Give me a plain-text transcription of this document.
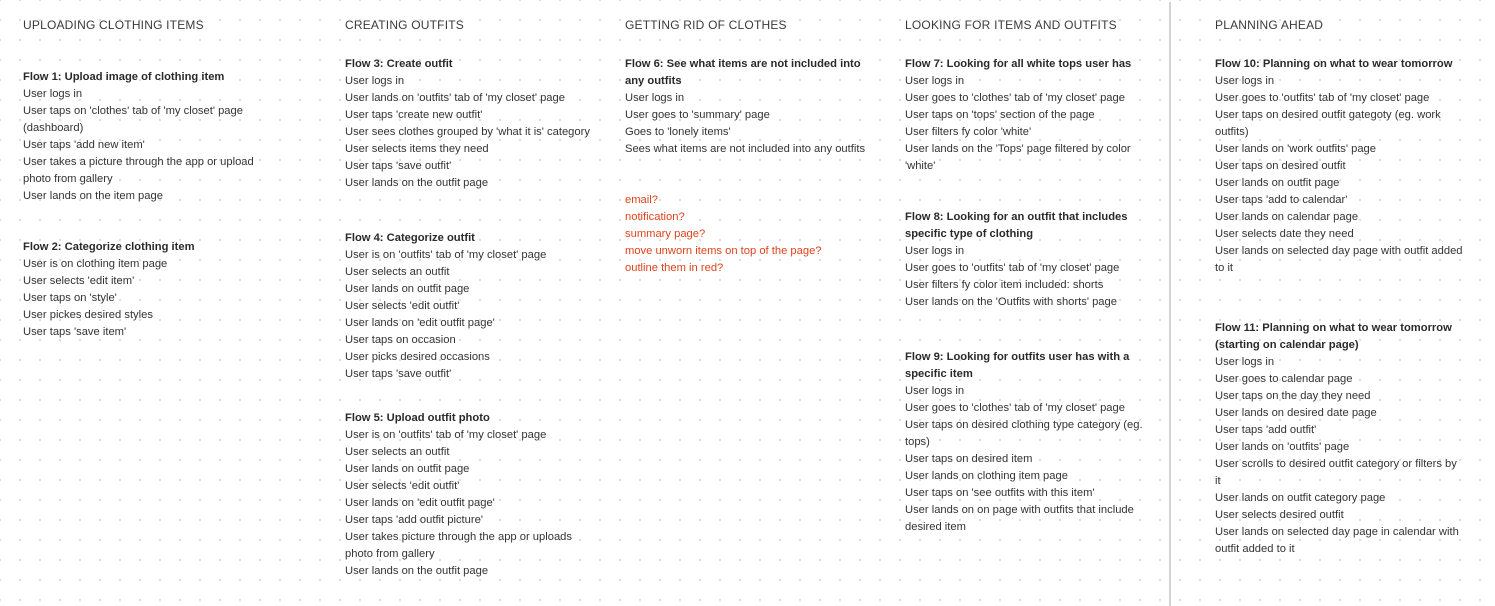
UPLOADING CLOTHING ITEMS
Flow 1: Upload image of clothing item
User logs in
User taps on 'clothes' tab of 'my closet' page (dashboard)
User taps 'add new item'
User takes a picture through the app or upload photo from gallery
User lands on the item page
Flow 2: Categorize clothing item
User is on clothing item page
User selects 'edit item'
User taps on 'style'
User pickes desired styles
User taps 'save item'
CREATING OUTFITS
Flow 3: Create outfit
User logs in
User lands on 'outfits' tab of 'my closet' page
User taps 'create new outfit'
User sees clothes grouped by 'what it is' category
User selects items they need
User taps 'save outfit'
User lands on the outfit page
Flow 4: Categorize outfit
User is on 'outfits' tab of 'my closet' page
User selects an outfit
User lands on outfit page
User selects 'edit outfit'
User lands on 'edit outfit page'
User taps on occasion
User picks desired occasions
User taps 'save outfit'
Flow 5: Upload outfit photo
User is on 'outfits' tab of 'my closet' page
User selects an outfit
User lands on outfit page
User selects 'edit outfit'
User lands on 'edit outfit page'
User taps 'add outfit picture'
User takes picture through the app or uploads photo from gallery
User lands on the outfit page
GETTING RID OF CLOTHES
Flow 6: See what items are not included into any outfits
User logs in
User goes to 'summary' page
Goes to 'lonely items'
Sees what items are not included into any outfits
email?
notification?
summary page?
move unworn items on top of the page?
outline them in red?
LOOKING FOR ITEMS AND OUTFITS
Flow 7: Looking for all white tops user has
User logs in
User goes to 'clothes' tab of 'my closet' page
User taps on 'tops' section of the page
User filters fy color 'white'
User lands on the 'Tops' page filtered by color 'white'
Flow 8: Looking for an outfit that includes specific type of clothing
User logs in
User goes to 'outfits' tab of 'my closet' page
User filters fy color item included: shorts
User lands on the 'Outfits with shorts' page
Flow 9: Looking for outfits user has with a specific item
User logs in
User goes to 'clothes' tab of 'my closet' page
User taps on desired clothing type category (eg. tops)
User taps on desired item
User lands on clothing item page
User taps on 'see outfits with this item'
User lands on on page with outfits that include desired item
PLANNING AHEAD
Flow 10: Planning on what to wear tomorrow
User logs in
User goes to 'outfits' tab of 'my closet' page
User taps on desired outfit gategoty (eg. work outfits)
User lands on 'work outfits' page
User taps on desired outfit
User lands on outfit page
User taps 'add to calendar'
User lands on calendar page
User selects date they need
User lands on selected day page with outfit added to it
Flow 11: Planning on what to wear tomorrow (starting on calendar page)
User logs in
User goes to calendar page
User taps on the day they need
User lands on desired date page
User taps 'add outfit'
User lands on 'outfits' page
User scrolls to desired outfit category or filters by it
User lands on outfit category page
User selects desired outfit
User lands on selected day page in calendar with outfit added to it
